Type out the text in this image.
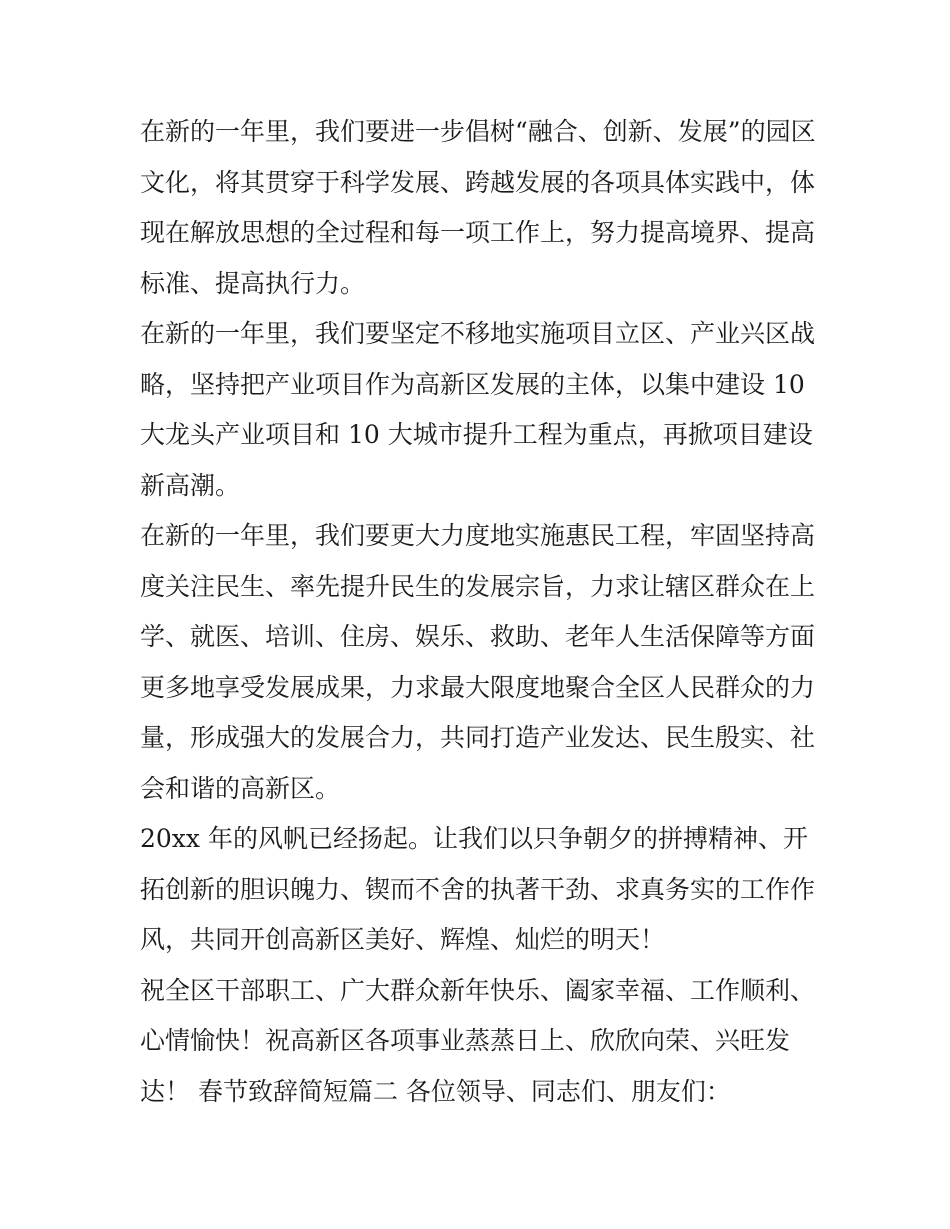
在新的一年里，我们要进一步倡树“融合、创新、发展”的园区
文化，将其贯穿于科学发展、跨越发展的各项具体实践中，体
现在解放思想的全过程和每一项工作上，努力提高境界、提高
标准、提高执行力。
在新的一年里，我们要坚定不移地实施项目立区、产业兴区战
略，坚持把产业项目作为高新区发展的主体，以集中建设 10
大龙头产业项目和 10 大城市提升工程为重点，再掀项目建设
新高潮。
在新的一年里，我们要更大力度地实施惠民工程，牢固坚持高
度关注民生、率先提升民生的发展宗旨，力求让辖区群众在上
学、就医、培训、住房、娱乐、救助、老年人生活保障等方面
更多地享受发展成果，力求最大限度地聚合全区人民群众的力
量，形成强大的发展合力，共同打造产业发达、民生殷实、社
会和谐的高新区。
20xx 年的风帆已经扬起。让我们以只争朝夕的拼搏精神、开
拓创新的胆识魄力、锲而不舍的执著干劲、求真务实的工作作
风，共同开创高新区美好、辉煌、灿烂的明天！
祝全区干部职工、广大群众新年快乐、阖家幸福、工作顺利、
心情愉快！祝高新区各项事业蒸蒸日上、欣欣向荣、兴旺发
达！ 春节致辞简短篇二 各位领导、同志们、朋友们：
